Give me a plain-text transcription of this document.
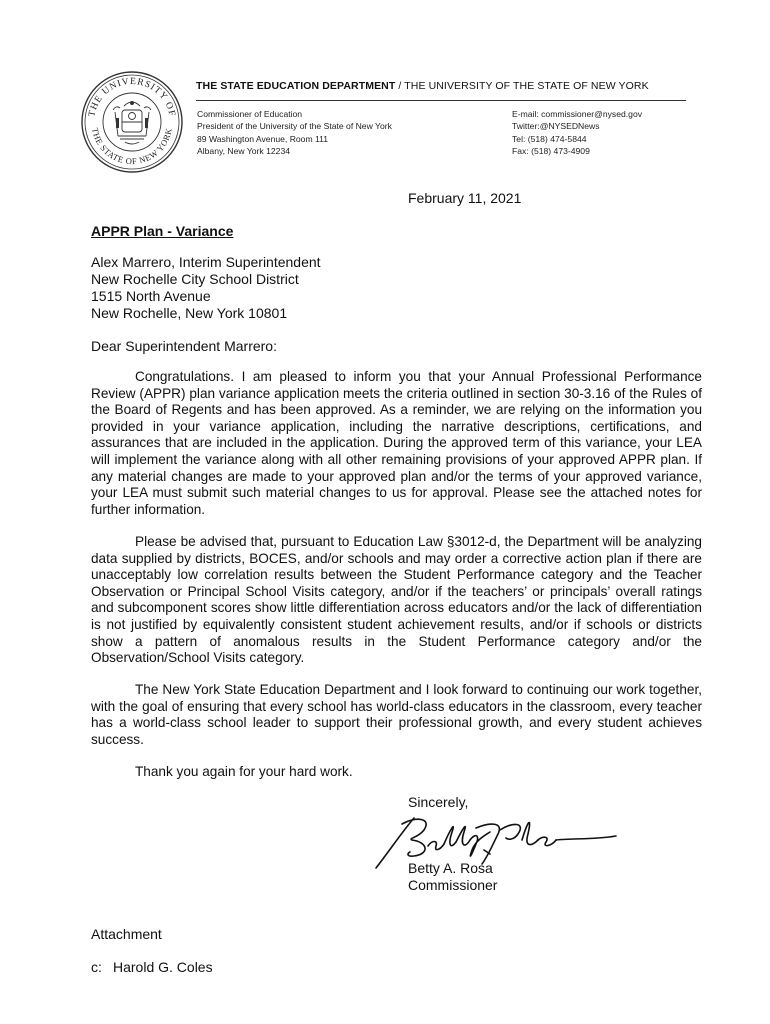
THE UNIVERSITY OF
THE STATE OF NEW YORK
THE STATE EDUCATION DEPARTMENT / THE UNIVERSITY OF THE STATE OF NEW YORK
Commissioner of Education
President of the University of the State of New York
89 Washington Avenue, Room 111
Albany, New York 12234
E-mail: commissioner@nysed.gov
Twitter:@NYSEDNews
Tel: (518) 474-5844
Fax: (518) 473-4909
February 11, 2021
APPR Plan - Variance
Alex Marrero, Interim Superintendent
New Rochelle City School District
1515 North Avenue
New Rochelle, New York 10801
Dear Superintendent Marrero:

Congratulations. I am pleased to inform you that your Annual Professional Performance Review (APPR) plan variance application meets the criteria outlined in section 30-3.16 of the Rules of the Board of Regents and has been approved. As a reminder, we are relying on the information you provided in your variance application, including the narrative descriptions, certifications, and assurances that are included in the application. During the approved term of this variance, your LEA will implement the variance along with all other remaining provisions of your approved APPR plan. If any material changes are made to your approved plan and/or the terms of your approved variance, your LEA must submit such material changes to us for approval. Please see the attached notes for further information.

Please be advised that, pursuant to Education Law §3012-d, the Department will be analyzing data supplied by districts, BOCES, and/or schools and may order a corrective action plan if there are unacceptably low correlation results between the Student Performance category and the Teacher Observation or Principal School Visits category, and/or if the teachers’ or principals’ overall ratings and subcomponent scores show little differentiation across educators and/or the lack of differentiation is not justified by equivalently consistent student achievement results, and/or if schools or districts show a pattern of anomalous results in the Student Performance category and/or the Observation/School Visits category.

The New York State Education Department and I look forward to continuing our work together, with the goal of ensuring that every school has world-class educators in the classroom, every teacher has a world-class school leader to support their professional growth, and every student achieves success.

Thank you again for your hard work.

Sincerely,
Betty A. Rosa
Commissioner
Attachment
c: Harold G. Coles
